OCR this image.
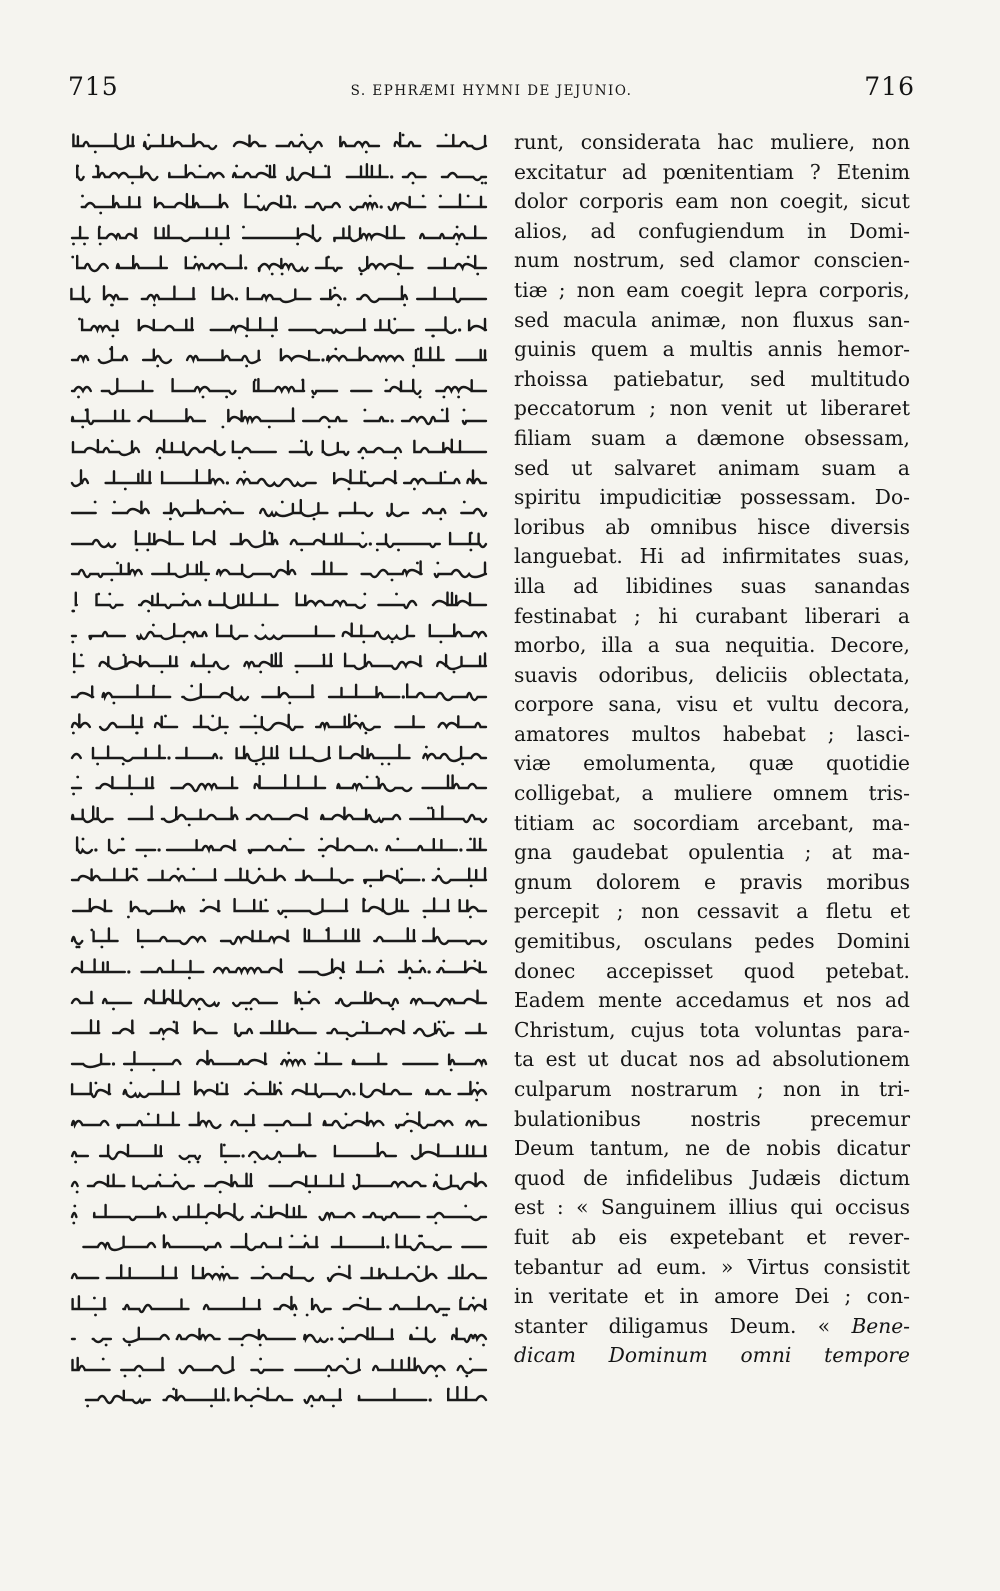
715	S. EPHRÆMI HYMNI DE JEJUNIO.	716
runt, considerata hac muliere, non
excitatur ad pœnitentiam ? Etenim
dolor corporis eam non coegit, sicut
alios, ad confugiendum in Domi-
num nostrum, sed clamor conscien-
tiæ ; non eam coegit lepra corporis,
sed macula animæ, non fluxus san-
guinis quem a multis annis hemor-
rhoissa patiebatur, sed multitudo
peccatorum ; non venit ut liberaret
filiam suam a dæmone obsessam,
sed ut salvaret animam suam a
spiritu impudicitiæ possessam. Do-
loribus ab omnibus hisce diversis
languebat. Hi ad infirmitates suas,
illa ad libidines suas sanandas
festinabat ; hi curabant liberari a
morbo, illa a sua nequitia. Decore,
suavis odoribus, deliciis oblectata,
corpore sana, visu et vultu decora,
amatores multos habebat ; lasci-
viæ emolumenta, quæ quotidie
colligebat, a muliere omnem tris-
titiam ac socordiam arcebant, ma-
gna gaudebat opulentia ; at ma-
gnum dolorem e pravis moribus
percepit ; non cessavit a fletu et
gemitibus, osculans pedes Domini
donec accepisset quod petebat.
Eadem mente accedamus et nos ad
Christum, cujus tota voluntas para-
ta est ut ducat nos ad absolutionem
culparum nostrarum ; non in tri-
bulationibus nostris precemur
Deum tantum, ne de nobis dicatur
quod de infidelibus Judæis dictum
est : « Sanguinem illius qui occisus
fuit ab eis expetebant et rever-
tebantur ad eum. » Virtus consistit
in veritate et in amore Dei ; con-
stanter diligamus Deum. « Bene-
dicam Dominum omni tempore
